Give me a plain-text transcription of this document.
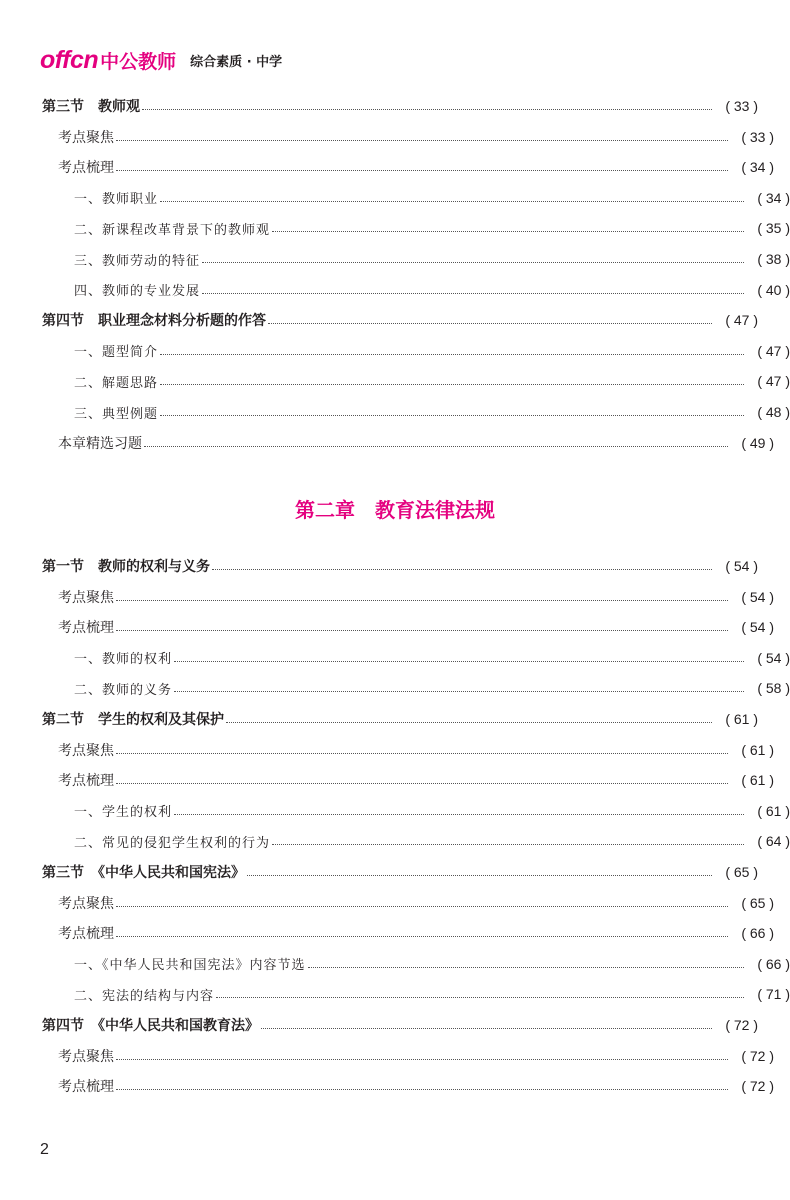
offcn 中公教师 综合素质 · 中学
第三节　教师观	( 33 )
考点聚焦	( 33 )
考点梳理	( 34 )
一、教师职业	( 34 )
二、新课程改革背景下的教师观	( 35 )
三、教师劳动的特征	( 38 )
四、教师的专业发展	( 40 )
第四节　职业理念材料分析题的作答	( 47 )
一、题型简介	( 47 )
二、解题思路	( 47 )
三、典型例题	( 48 )
本章精选习题	( 49 )
第一节　教师的权利与义务	( 54 )
考点聚焦	( 54 )
考点梳理	( 54 )
一、教师的权利	( 54 )
二、教师的义务	( 58 )
第二节　学生的权利及其保护	( 61 )
考点聚焦	( 61 )
考点梳理	( 61 )
一、学生的权利	( 61 )
二、常见的侵犯学生权利的行为	( 64 )
第三节　《中华人民共和国宪法》	( 65 )
考点聚焦	( 65 )
考点梳理	( 66 )
一、《中华人民共和国宪法》内容节选	( 66 )
二、宪法的结构与内容	( 71 )
第四节　《中华人民共和国教育法》	( 72 )
考点聚焦	( 72 )
考点梳理	( 72 )
第二章　教育法律法规
2
